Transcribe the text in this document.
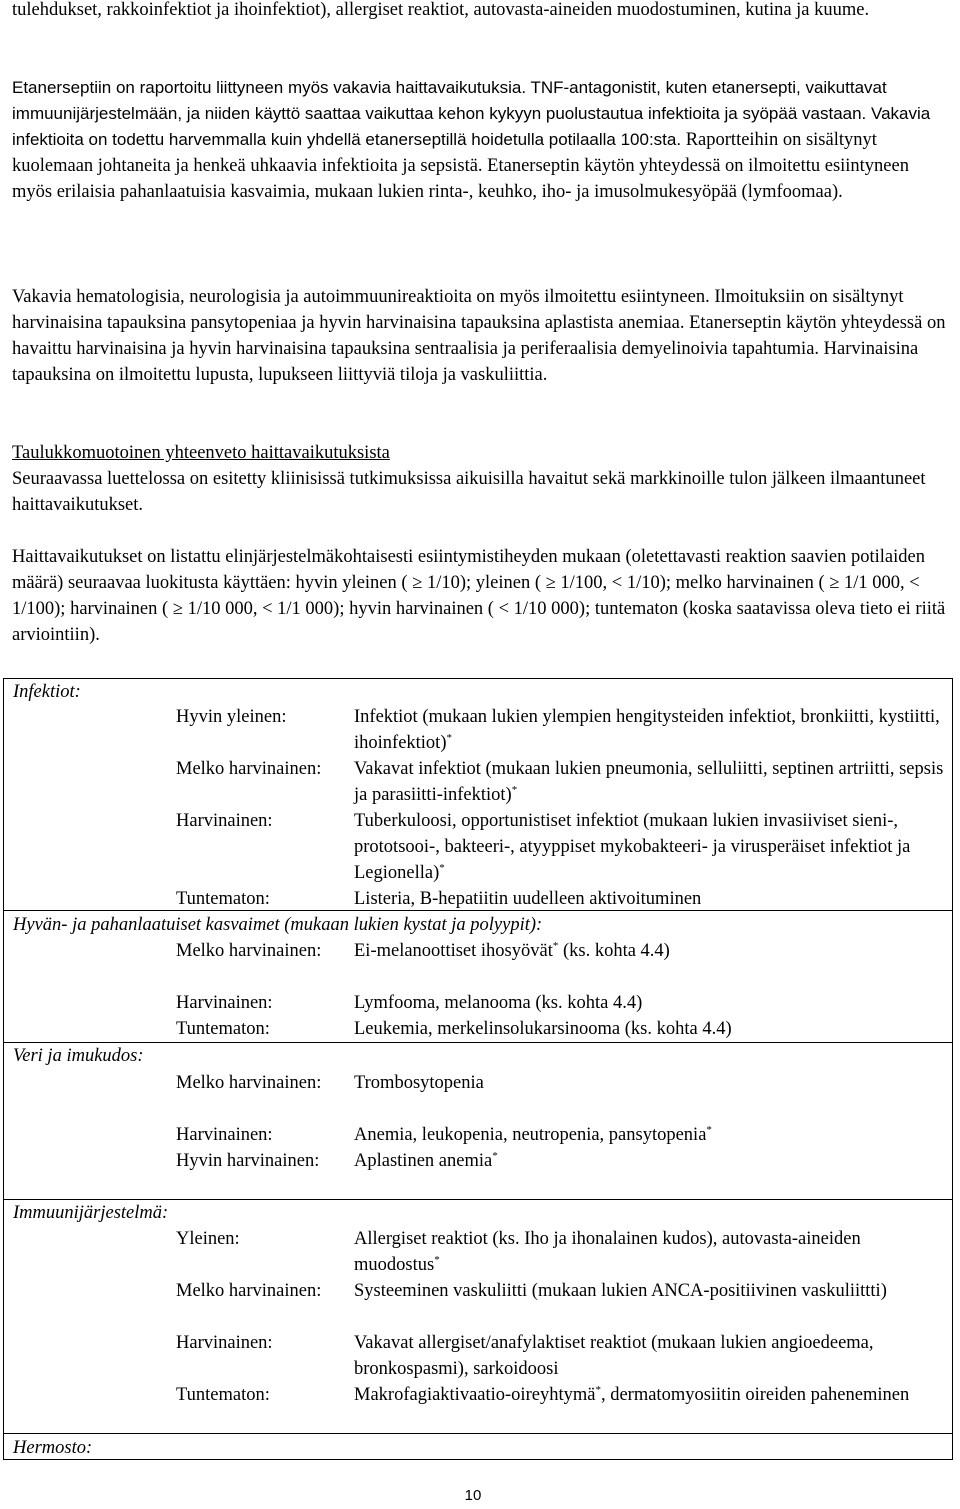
tulehdukset, rakkoinfektiot ja ihoinfektiot), allergiset reaktiot, autovasta-aineiden muodostuminen, kutina ja kuume.

Etanerseptiin on raportoitu liittyneen myös vakavia haittavaikutuksia. TNF-antagonistit, kuten etanersepti, vaikuttavat immuunijärjestelmään, ja niiden käyttö saattaa vaikuttaa kehon kykyyn puolustautua infektioita ja syöpää vastaan. Vakavia infektioita on todettu harvemmalla kuin yhdellä etanerseptillä hoidetulla potilaalla 100:sta. Raportteihin on sisältynyt kuolemaan johtaneita ja henkeä uhkaavia infektioita ja sepsistä. Etanerseptin käytön yhteydessä on ilmoitettu esiintyneen myös erilaisia pahanlaatuisia kasvaimia, mukaan lukien rinta-, keuhko, iho- ja imusolmukesyöpää (lymfoomaa).

Vakavia hematologisia, neurologisia ja autoimmuunireaktioita on myös ilmoitettu esiintyneen. Ilmoituksiin on sisältynyt harvinaisina tapauksina pansytopeniaa ja hyvin harvinaisina tapauksina aplastista anemiaa. Etanerseptin käytön yhteydessä on havaittu harvinaisina ja hyvin harvinaisina tapauksina sentraalisia ja periferaalisia demyelinoivia tapahtumia. Harvinaisina tapauksina on ilmoitettu lupusta, lupukseen liittyviä tiloja ja vaskuliittia.

Taulukkomuotoinen yhteenveto haittavaikutuksista
Seuraavassa luettelossa on esitetty kliinisissä tutkimuksissa aikuisilla havaitut sekä markkinoille tulon jälkeen ilmaantuneet haittavaikutukset.

Haittavaikutukset on listattu elinjärjestelmäkohtaisesti esiintymistiheyden mukaan (oletettavasti reaktion saavien potilaiden määrä) seuraavaa luokitusta käyttäen: hyvin yleinen ( ≥ 1/10); yleinen ( ≥ 1/100, < 1/10); melko harvinainen ( ≥ 1/1 000, < 1/100); harvinainen ( ≥ 1/10 000, < 1/1 000); hyvin harvinainen ( < 1/10 000); tuntematon (koska saatavissa oleva tieto ei riitä arviointiin).

Infektiot:
Hyvin yleinen:	Infektiot (mukaan lukien ylempien hengitysteiden infektiot, bronkiitti, kystiitti, ihoinfektiot)*
Melko harvinainen:	Vakavat infektiot (mukaan lukien pneumonia, selluliitti, septinen artriitti, sepsis ja parasiitti-infektiot)*
Harvinainen:	Tuberkuloosi, opportunistiset infektiot (mukaan lukien invasiiviset sieni-, prototsooi-, bakteeri-, atyyppiset mykobakteeri- ja virusperäiset infektiot ja Legionella)*
Tuntematon:	Listeria, B-hepatiitin uudelleen aktivoituminen
Hyvän- ja pahanlaatuiset kasvaimet (mukaan lukien kystat ja polyypit):
Melko harvinainen:	Ei-melanoottiset ihosyövät* (ks. kohta 4.4)
Harvinainen:	Lymfooma, melanooma (ks. kohta 4.4)
Tuntematon:	Leukemia, merkelinsolukarsinooma (ks. kohta 4.4)
Veri ja imukudos:
Melko harvinainen:	Trombosytopenia
Harvinainen:	Anemia, leukopenia, neutropenia, pansytopenia*
Hyvin harvinainen:	Aplastinen anemia*
Immuunijärjestelmä:
Yleinen:	Allergiset reaktiot (ks. Iho ja ihonalainen kudos), autovasta-aineiden muodostus*
Melko harvinainen:	Systeeminen vaskuliitti (mukaan lukien ANCA-positiivinen vaskuliittti)
Harvinainen:	Vakavat allergiset/anafylaktiset reaktiot (mukaan lukien angioedeema, bronkospasmi), sarkoidoosi
Tuntematon:	Makrofagiaktivaatio-oireyhtymä*, dermatomyosiitin oireiden paheneminen
Hermosto:
10
